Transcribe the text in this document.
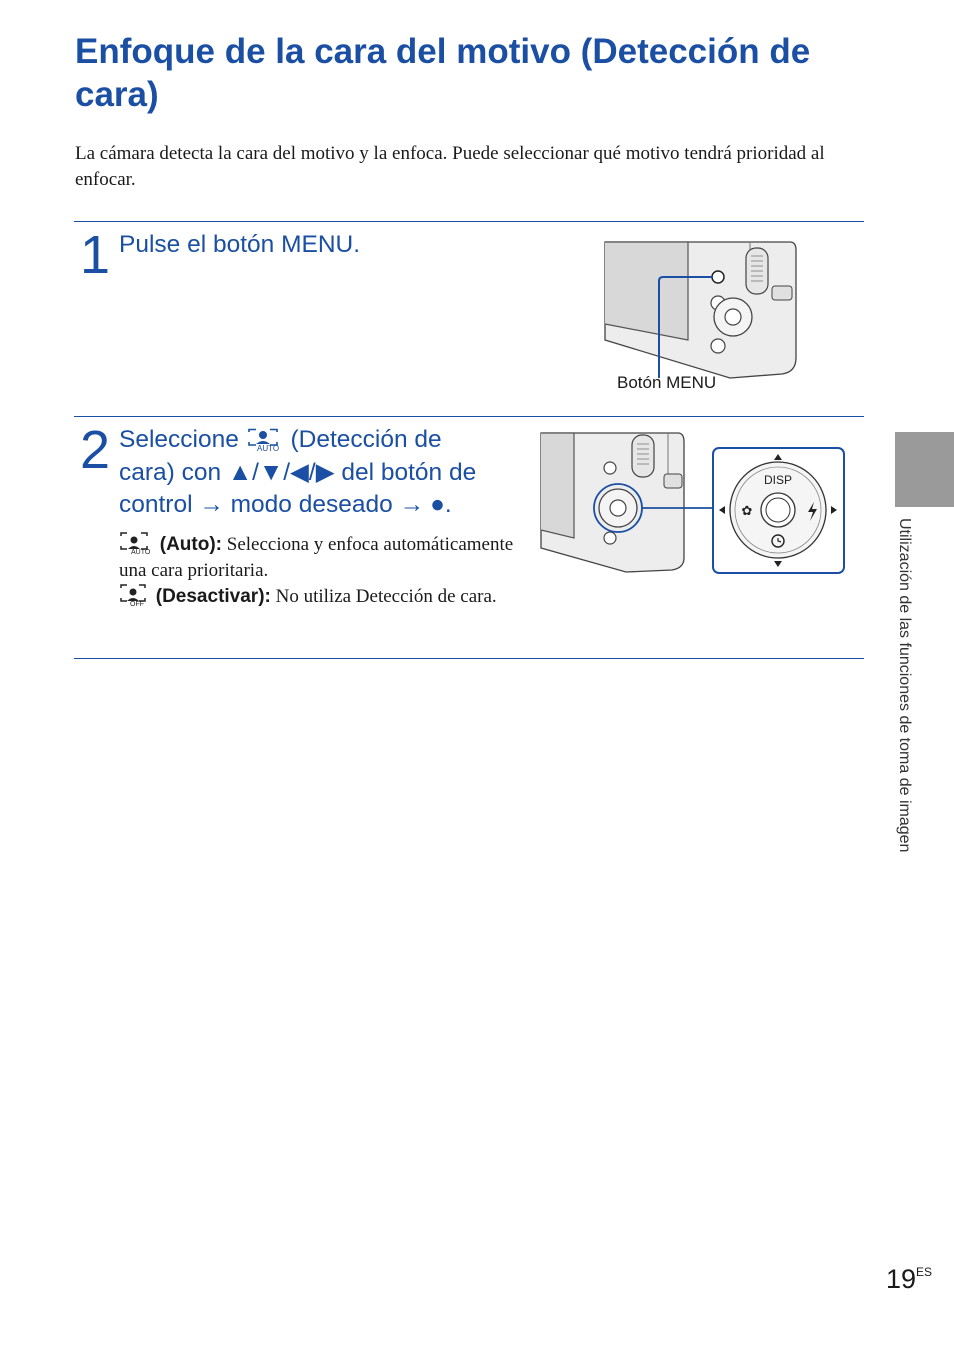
Enfoque de la cara del motivo (Detección de cara)

La cámara detecta la cara del motivo y la enfoca. Puede seleccionar qué motivo tendrá prioridad al enfocar.

1 Pulse el botón MENU.

Botón MENU
2 Seleccione AUTO (Detección de
cara) con ▲/▼/◀/▶ del botón de
control → modo deseado → ●.
AUTO (Auto): Selecciona y enfoca automáticamente una cara prioritaria.
OFF (Desactivar): No utiliza Detección de cara.
DISP
✿
Utilización de las funciones de toma de imagen
$19^{ES}$
